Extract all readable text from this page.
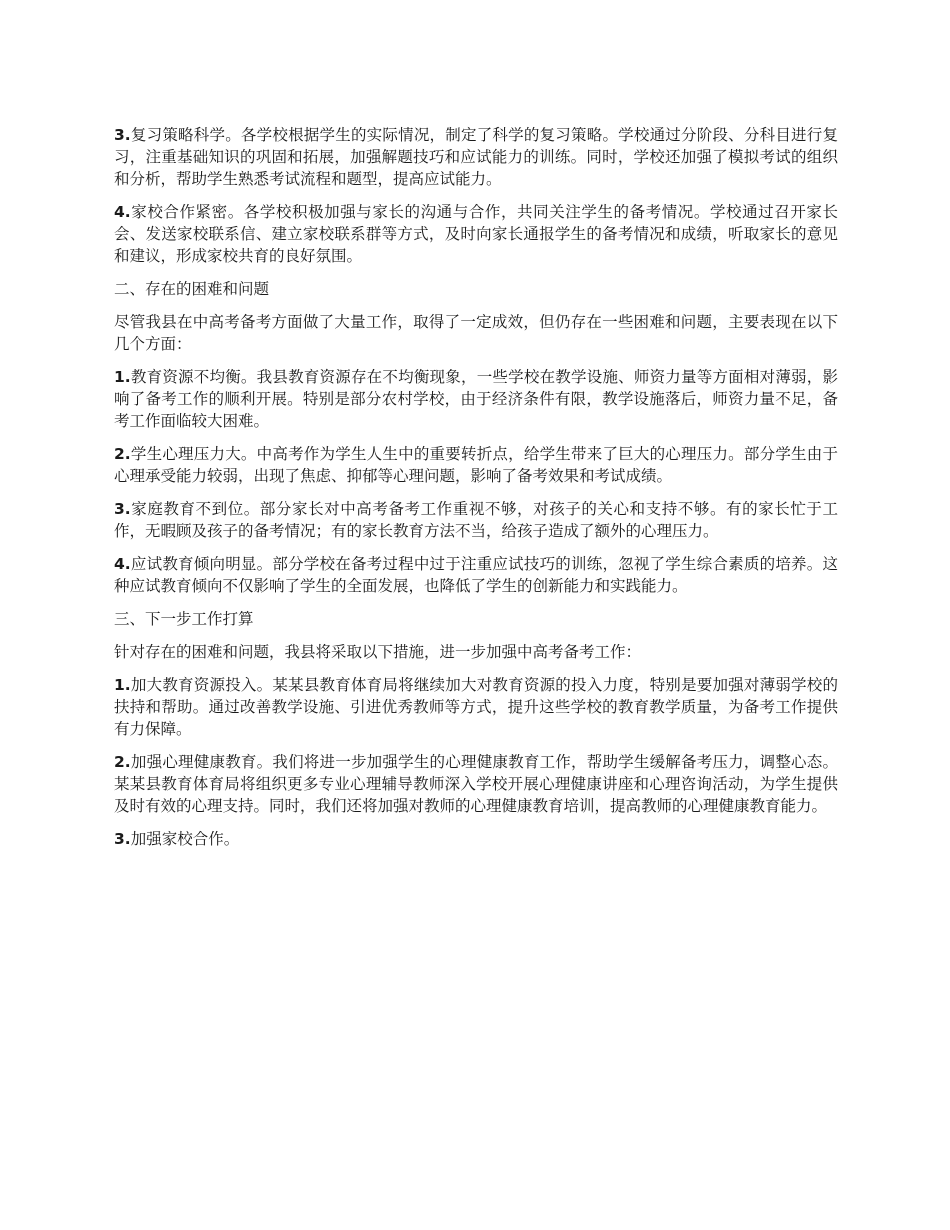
3.复习策略科学。各学校根据学生的实际情况，制定了科学的复习策略。学校通过分阶段、分科目进行复习，注重基础知识的巩固和拓展，加强解题技巧和应试能力的训练。同时，学校还加强了模拟考试的组织和分析，帮助学生熟悉考试流程和题型，提高应试能力。

4.家校合作紧密。各学校积极加强与家长的沟通与合作，共同关注学生的备考情况。学校通过召开家长会、发送家校联系信、建立家校联系群等方式，及时向家长通报学生的备考情况和成绩，听取家长的意见和建议，形成家校共育的良好氛围。

二、存在的困难和问题

尽管我县在中高考备考方面做了大量工作，取得了一定成效，但仍存在一些困难和问题，主要表现在以下几个方面：

1.教育资源不均衡。我县教育资源存在不均衡现象，一些学校在教学设施、师资力量等方面相对薄弱，影响了备考工作的顺利开展。特别是部分农村学校，由于经济条件有限，教学设施落后，师资力量不足，备考工作面临较大困难。

2.学生心理压力大。中高考作为学生人生中的重要转折点，给学生带来了巨大的心理压力。部分学生由于心理承受能力较弱，出现了焦虑、抑郁等心理问题，影响了备考效果和考试成绩。

3.家庭教育不到位。部分家长对中高考备考工作重视不够，对孩子的关心和支持不够。有的家长忙于工作，无暇顾及孩子的备考情况；有的家长教育方法不当，给孩子造成了额外的心理压力。

4.应试教育倾向明显。部分学校在备考过程中过于注重应试技巧的训练，忽视了学生综合素质的培养。这种应试教育倾向不仅影响了学生的全面发展，也降低了学生的创新能力和实践能力。

三、下一步工作打算

针对存在的困难和问题，我县将采取以下措施，进一步加强中高考备考工作：

1.加大教育资源投入。某某县教育体育局将继续加大对教育资源的投入力度，特别是要加强对薄弱学校的扶持和帮助。通过改善教学设施、引进优秀教师等方式，提升这些学校的教育教学质量，为备考工作提供有力保障。

2.加强心理健康教育。我们将进一步加强学生的心理健康教育工作，帮助学生缓解备考压力，调整心态。某某县教育体育局将组织更多专业心理辅导教师深入学校开展心理健康讲座和心理咨询活动，为学生提供及时有效的心理支持。同时，我们还将加强对教师的心理健康教育培训，提高教师的心理健康教育能力。

3.加强家校合作。
